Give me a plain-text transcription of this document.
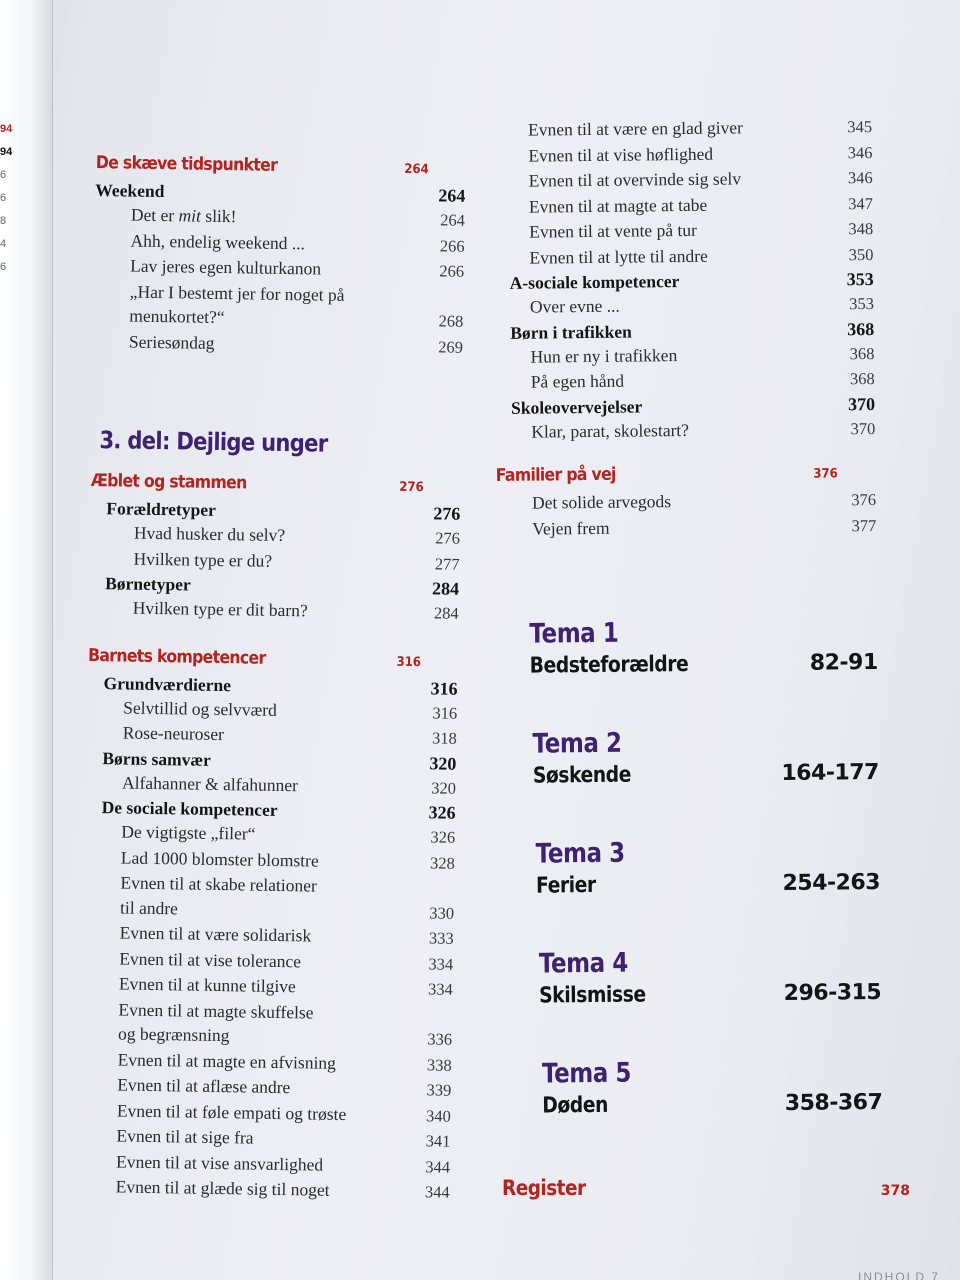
94
94
6
6
8
4
6
De skæve tidspunkter	264
Weekend	264
Det er mit slik!	264
Ahh, endelig weekend ...	266
Lav jeres egen kulturkanon	266
„Har I bestemt jer for noget på
menukortet?“	268
Seriesøndag	269
3. del: Dejlige unger
Æblet og stammen	276
Forældretyper	276
Hvad husker du selv?	276
Hvilken type er du?	277
Børnetyper	284
Hvilken type er dit barn?	284
Barnets kompetencer	316
Grundværdierne	316
Selvtillid og selvværd	316
Rose-neuroser	318
Børns samvær	320
Alfahanner & alfahunner	320
De sociale kompetencer	326
De vigtigste „filer“	326
Lad 1000 blomster blomstre	328
Evnen til at skabe relationer
til andre	330
Evnen til at være solidarisk	333
Evnen til at vise tolerance	334
Evnen til at kunne tilgive	334
Evnen til at magte skuffelse
og begrænsning	336
Evnen til at magte en afvisning	338
Evnen til at aflæse andre	339
Evnen til at føle empati og trøste	340
Evnen til at sige fra	341
Evnen til at vise ansvarlighed	344
Evnen til at glæde sig til noget	344
Evnen til at være en glad giver	345
Evnen til at vise høflighed	346
Evnen til at overvinde sig selv	346
Evnen til at magte at tabe	347
Evnen til at vente på tur	348
Evnen til at lytte til andre	350
A-sociale kompetencer	353
Over evne ...	353
Børn i trafikken	368
Hun er ny i trafikken	368
På egen hånd	368
Skoleovervejelser	370
Klar, parat, skolestart?	370
Familier på vej	376
Det solide arvegods	376
Vejen frem	377
Tema 1
Bedsteforældre	82-91
Tema 2
Søskende	164-177
Tema 3
Ferier	254-263
Tema 4
Skilsmisse	296-315
Tema 5
Døden	358-367
Register	378
INDHOLD 7
